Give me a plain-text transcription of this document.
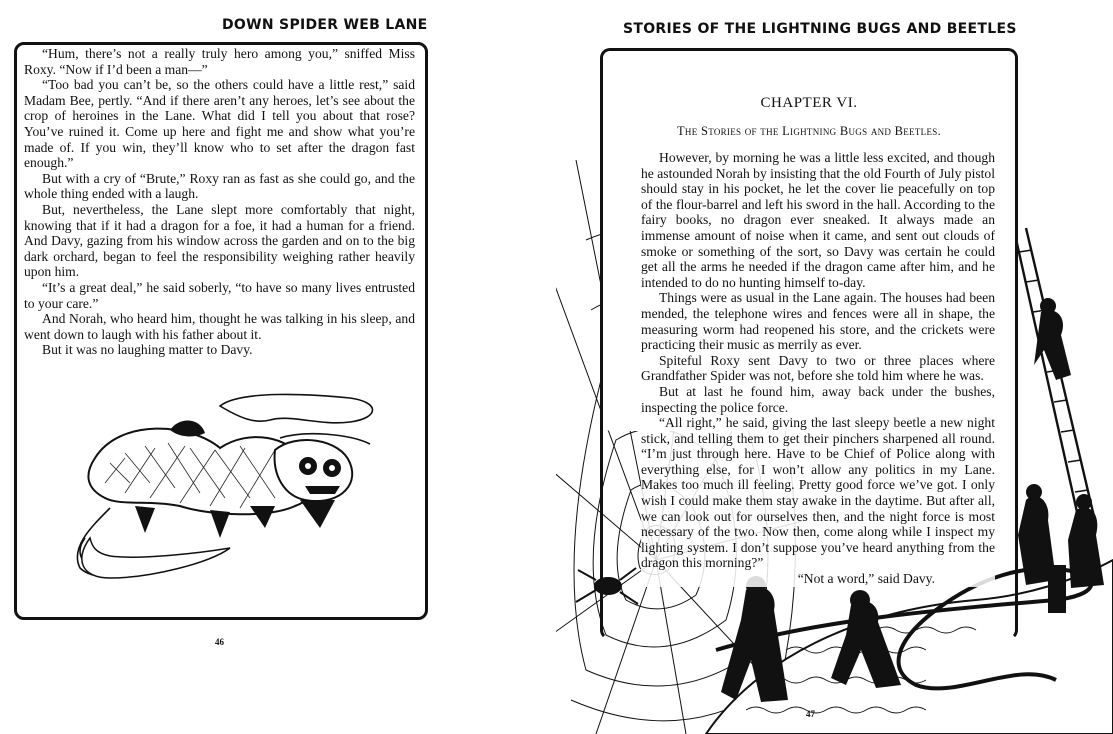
DOWN SPIDER WEB LANE

“Hum, there’s not a really truly hero among you,” sniffed Miss Roxy. “Now if I’d been a man—”

“Too bad you can’t be, so the others could have a little rest,” said Madam Bee, pertly. “And if there aren’t any heroes, let’s see about the crop of heroines in the Lane. What did I tell you about that rose? You’ve ruined it. Come up here and fight me and show what you’re made of. If you win, they’ll know who to set after the dragon fast enough.”

But with a cry of “Brute,” Roxy ran as fast as she could go, and the whole thing ended with a laugh.

But, nevertheless, the Lane slept more comfortably that night, knowing that if it had a dragon for a foe, it had a human for a friend. And Davy, gazing from his window across the garden and on to the big dark orchard, began to feel the responsibility weighing rather heavily upon him.

“It’s a great deal,” he said soberly, “to have so many lives entrusted to your care.”

And Norah, who heard him, thought he was talking in his sleep, and went down to laugh with his father about it.

But it was no laughing matter to Davy.

46
STORIES OF THE LIGHTNING BUGS AND BEETLES
CHAPTER VI.
The Stories of the Lightning Bugs and Beetles.

However, by morning he was a little less excited, and though he astounded Norah by insisting that the old Fourth of July pistol should stay in his pocket, he let the cover lie peacefully on top of the flour-barrel and left his sword in the hall. According to the fairy books, no dragon ever sneaked. It always made an immense amount of noise when it came, and sent out clouds of smoke or something of the sort, so Davy was certain he could get all the arms he needed if the dragon came after him, and he intended to do no hunting himself to-day.

Things were as usual in the Lane again. The houses had been mended, the telephone wires and fences were all in shape, the measuring worm had reopened his store, and the crickets were practicing their music as merrily as ever.

Spiteful Roxy sent Davy to two or three places where Grandfather Spider was not, before she told him where he was.

But at last he found him, away back under the bushes, inspecting the police force.

“All right,” he said, giving the last sleepy beetle a new night stick, and telling them to get their pinchers sharpened all round. “I’m just through here. Have to be Chief of Police along with everything else, for I won’t allow any politics in my Lane. Makes too much ill feeling. Pretty good force we’ve got. I only wish I could make them stay awake in the daytime. But after all, we can look out for ourselves then, and the night force is most necessary of the two. Now then, come along while I inspect my lighting system. I don’t suppose you’ve heard anything from the dragon this morning?”

“Not a word,” said Davy.

47
